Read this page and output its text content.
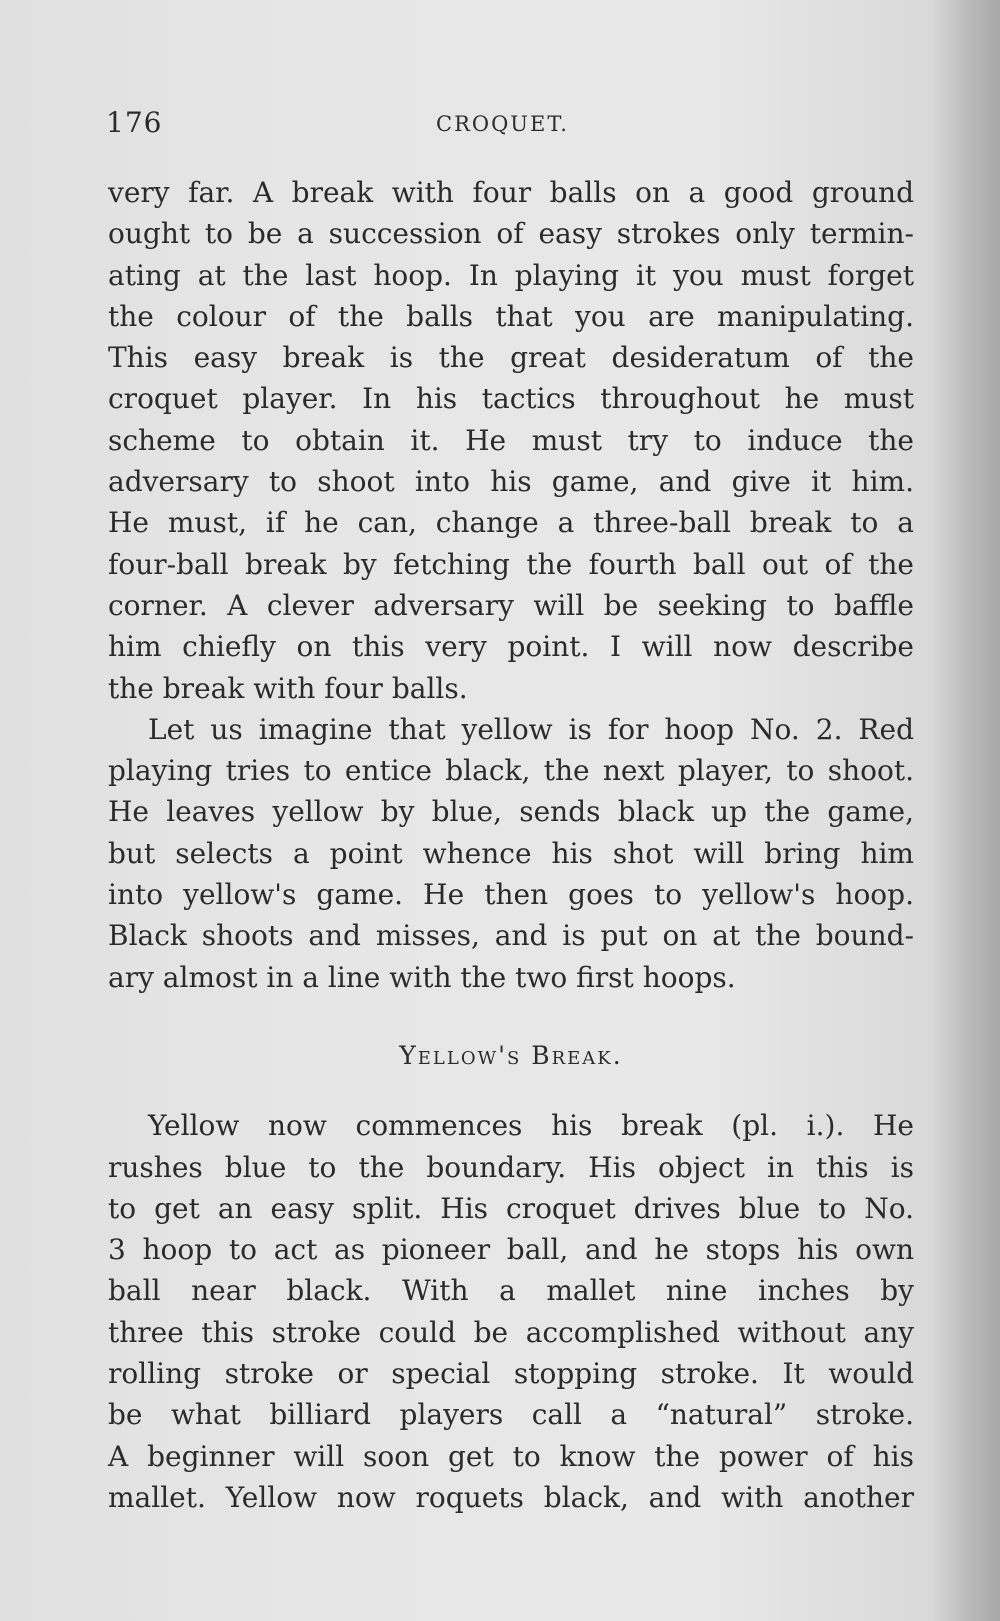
176	CROQUET.
very far. A break with four balls on a good ground
ought to be a succession of easy strokes only termin-
ating at the last hoop. In playing it you must forget
the colour of the balls that you are manipulating.
This easy break is the great desideratum of the
croquet player. In his tactics throughout he must
scheme to obtain it. He must try to induce the
adversary to shoot into his game, and give it him.
He must, if he can, change a three-ball break to a
four-ball break by fetching the fourth ball out of the
corner. A clever adversary will be seeking to baffle
him chiefly on this very point. I will now describe
the break with four balls.
Let us imagine that yellow is for hoop No. 2. Red
playing tries to entice black, the next player, to shoot.
He leaves yellow by blue, sends black up the game,
but selects a point whence his shot will bring him
into yellow's game. He then goes to yellow's hoop.
Black shoots and misses, and is put on at the bound-
ary almost in a line with the two first hoops.
Yellow's Break.
Yellow now commences his break (pl. i.). He
rushes blue to the boundary. His object in this is
to get an easy split. His croquet drives blue to No.
3 hoop to act as pioneer ball, and he stops his own
ball near black. With a mallet nine inches by
three this stroke could be accomplished without any
rolling stroke or special stopping stroke. It would
be what billiard players call a “natural” stroke.
A beginner will soon get to know the power of his
mallet. Yellow now roquets black, and with another
